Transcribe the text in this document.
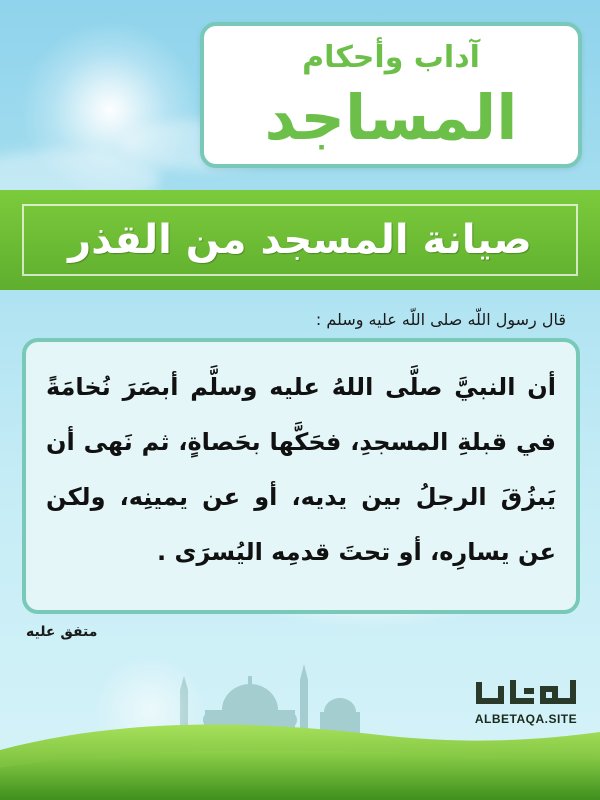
آداب وأحكام
المساجد
صيانة المسجد من القذر
قال رسول اللّه صلى اللّه عليه وسلم :
أن النبيَّ صلَّى اللهُ عليه وسلَّم أبصَرَ نُخامَةً في قبلةِ المسجدِ، فحَكَّها بحَصاةٍ، ثم نَهى أن يَبزُقَ الرجلُ بين يديه، أو عن يمينِه، ولكن عن يسارِه، أو تحتَ قدمِه اليُسرَى .
متفق عليه
ALBETAQA.SITE
